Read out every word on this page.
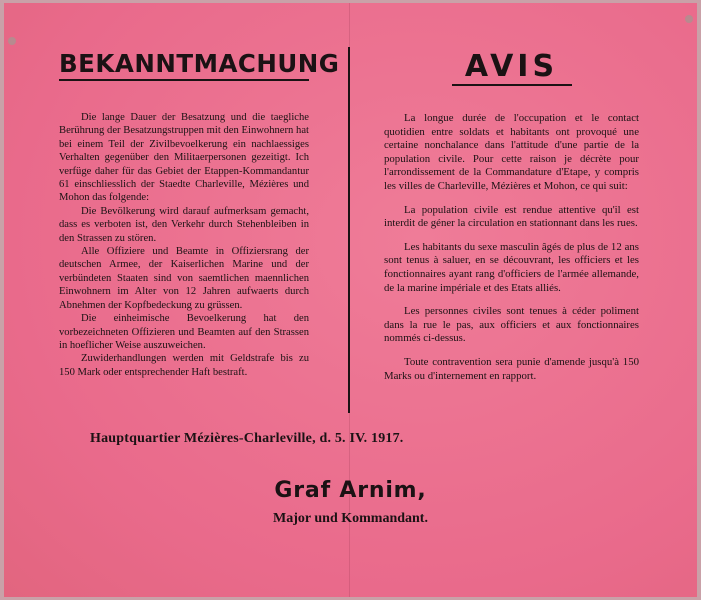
BEKANNTMACHUNG

Die lange Dauer der Besatzung und die taegliche Berührung der Besatzungstruppen mit den Einwohnern hat bei einem Teil der Zivilbevoelkerung ein nachlaessiges Verhalten gegenüber den Militaerpersonen gezeitigt. Ich verfüge daher für das Gebiet der Etappen-Kommandantur 61 einschliesslich der Staedte Charleville, Mézières und Mohon das folgende:

Die Bevölkerung wird darauf aufmerksam gemacht, dass es verboten ist, den Verkehr durch Stehenbleiben in den Strassen zu stören.

Alle Offiziere und Beamte in Offiziersrang der deutschen Armee, der Kaiserlichen Marine und der verbündeten Staaten sind von saemtlichen maennlichen Einwohnern im Alter von 12 Jahren aufwaerts durch Abnehmen der Kopfbedeckung zu grüssen.

Die einheimische Bevoelkerung hat den vorbezeichneten Offizieren und Beamten auf den Strassen in hoeflicher Weise auszuweichen.

Zuwiderhandlungen werden mit Geldstrafe bis zu 150 Mark oder entsprechender Haft bestraft.

AVIS

La longue durée de l'occupation et le contact quotidien entre soldats et habitants ont provoqué une certaine nonchalance dans l'attitude d'une partie de la population civile. Pour cette raison je décrète pour l'arrondissement de la Commandature d'Etape, y compris les villes de Charleville, Mézières et Mohon, ce qui suit:

La population civile est rendue attentive qu'il est interdit de géner la circulation en stationnant dans les rues.

Les habitants du sexe masculin âgés de plus de 12 ans sont tenus à saluer, en se découvrant, les officiers et les fonctionnaires ayant rang d'officiers de l'armée allemande, de la marine impériale et des Etats alliés.

Les personnes civiles sont tenues à céder poliment dans la rue le pas, aux officiers et aux fonctionnaires nommés ci-dessus.

Toute contravention sera punie d'amende jusqu'à 150 Marks ou d'internement en rapport.

Hauptquartier Mézières-Charleville, d. 5. IV. 1917.
Graf Arnim,
Major und Kommandant.
